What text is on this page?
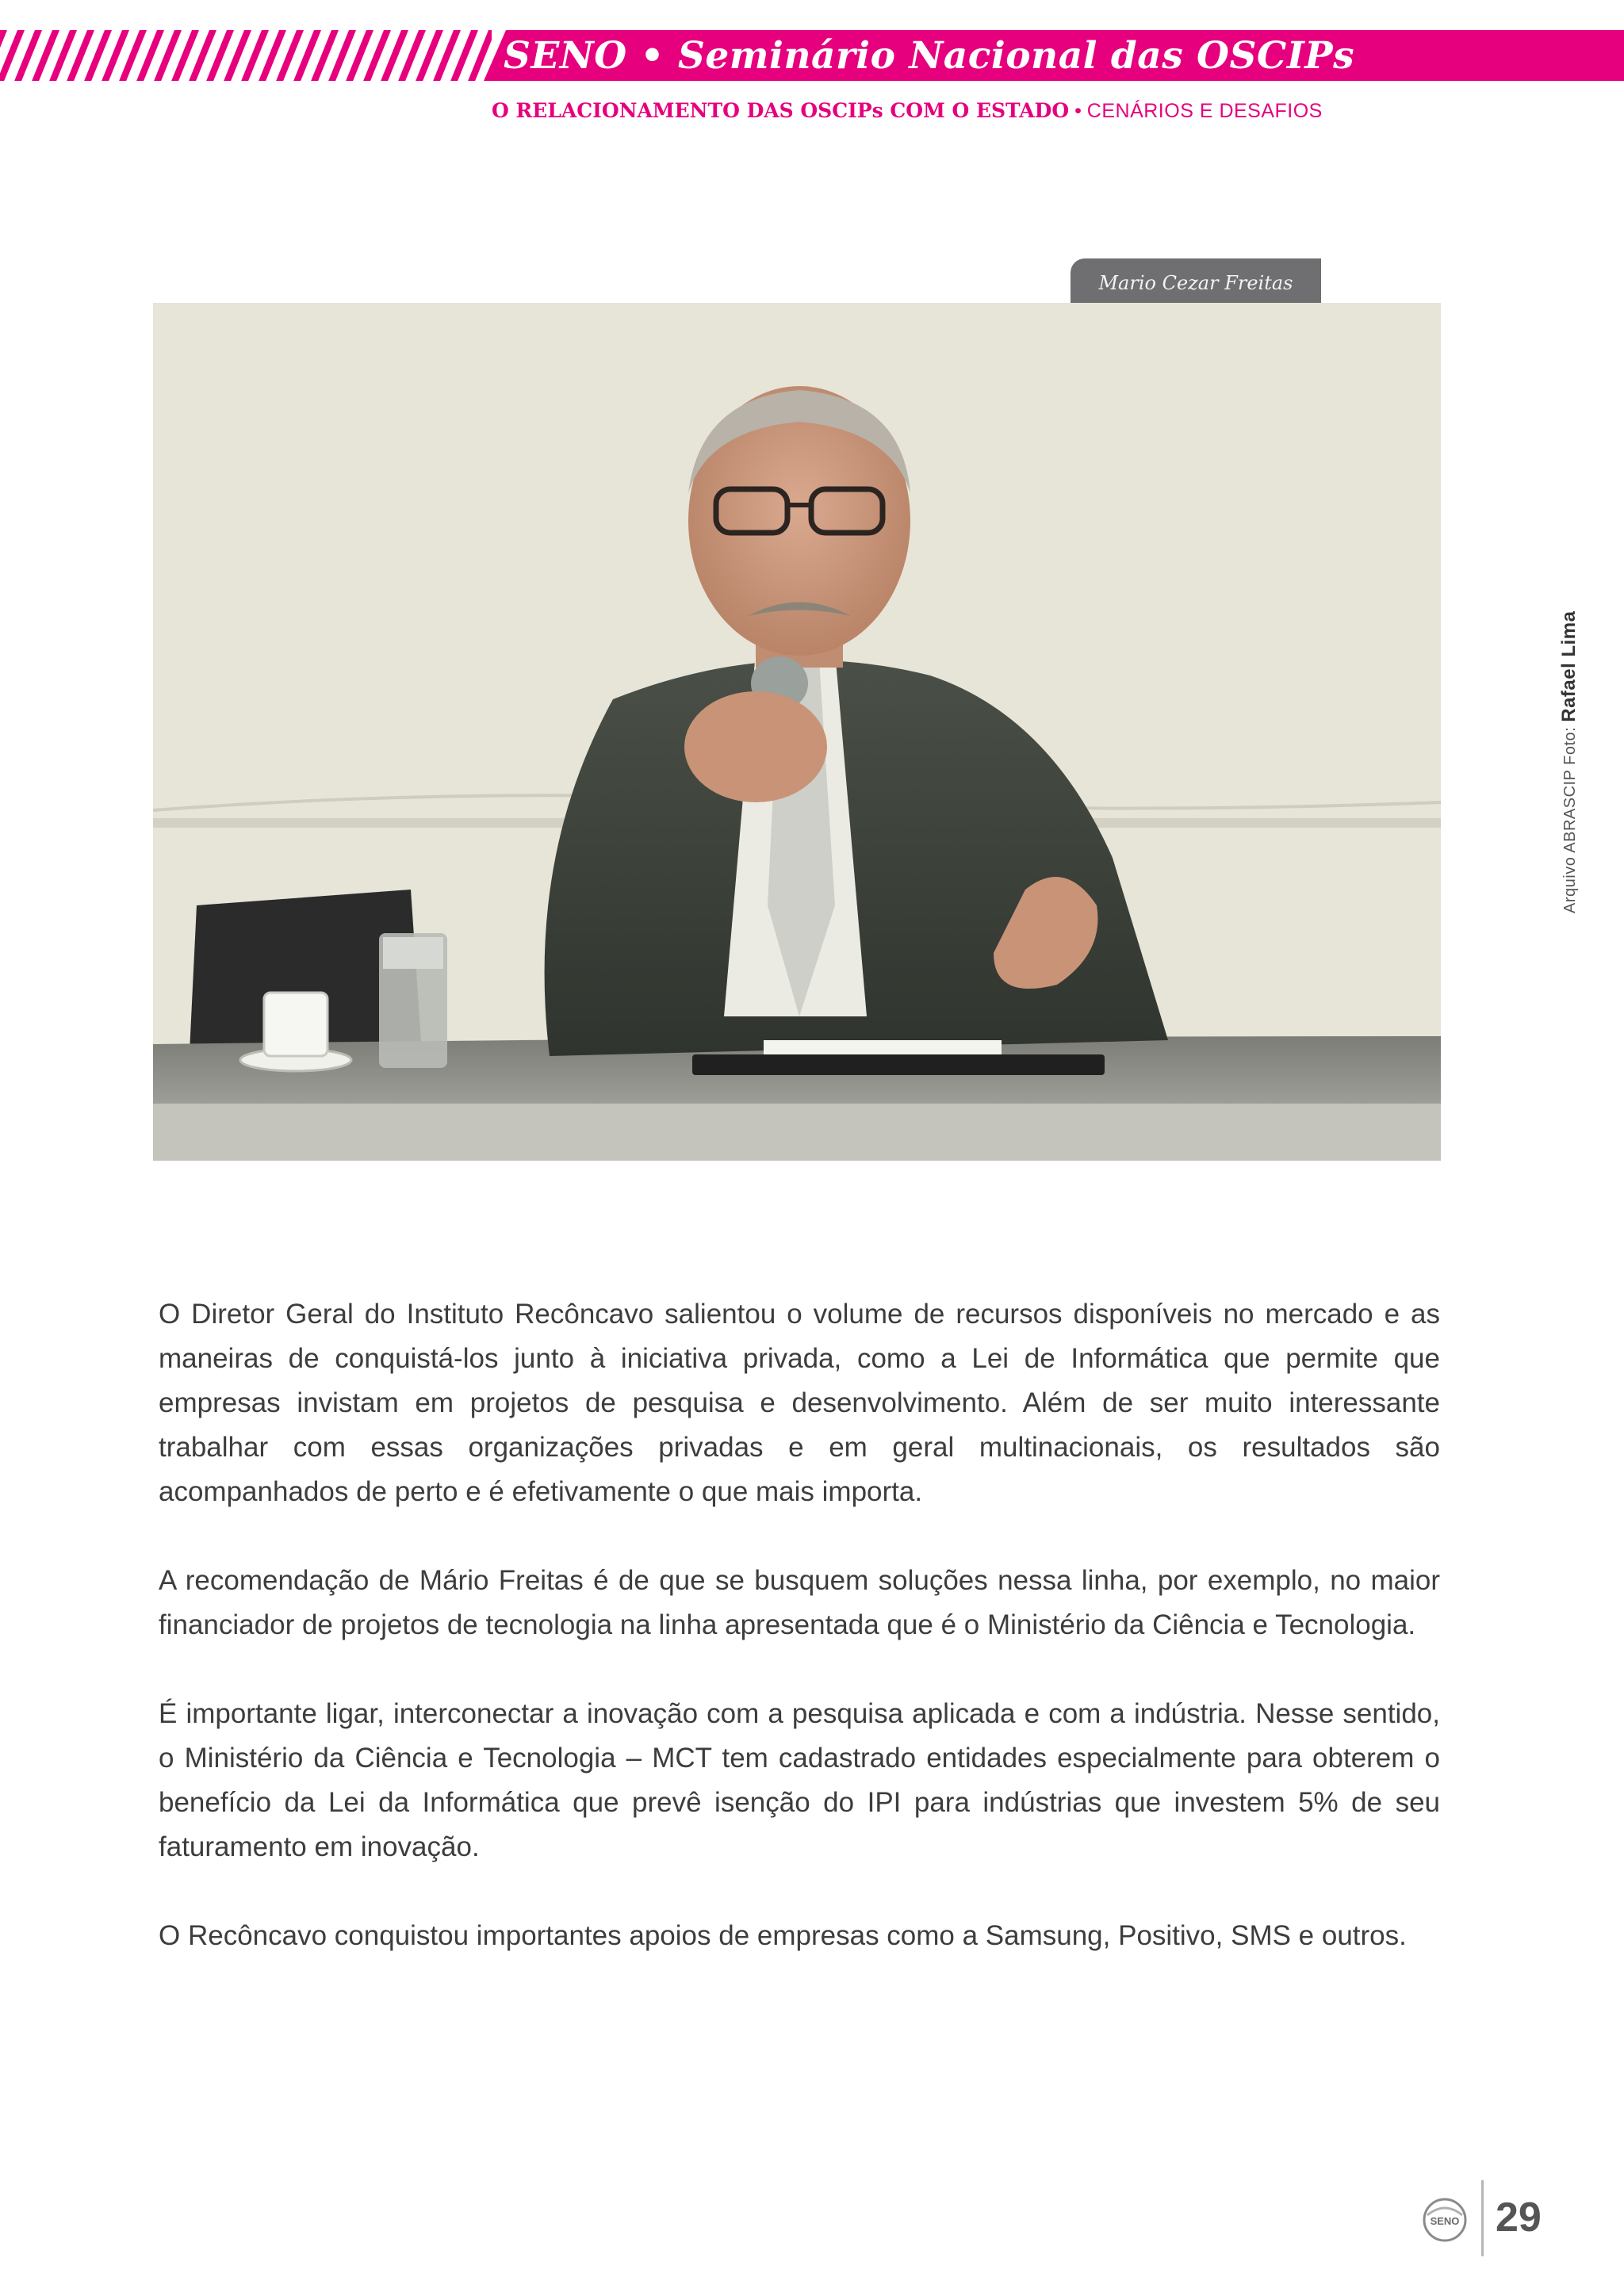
SENO • Seminário Nacional das OSCIPs
O RELACIONAMENTO DAS OSCIPs COM O ESTADO • CENÁRIOS E DESAFIOS
Mario Cezar Freitas
Arquivo ABRASCIP Foto: Rafael Lima

O Diretor Geral do Instituto Recôncavo salientou o volume de recursos disponíveis no mercado e as maneiras de conquistá-los junto à iniciativa privada, como a Lei de Informática que permite que empresas invistam em projetos de pesquisa e desenvolvimento. Além de ser muito interessante trabalhar com essas organizações privadas e em geral multinacionais, os resultados são acompanhados de perto e é efetivamente o que mais importa.

A recomendação de Mário Freitas é de que se busquem soluções nessa linha, por exemplo, no maior financiador de projetos de tecnologia na linha apresentada que é o Ministério da Ciência e Tecnologia.

É importante ligar, interconectar a inovação com a pesquisa aplicada e com a indústria. Nesse sentido, o Ministério da Ciência e Tecnologia – MCT tem cadastrado entidades especialmente para obterem o benefício da Lei da Informática que prevê isenção do IPI para indústrias que investem 5% de seu faturamento em inovação.

O Recôncavo conquistou importantes apoios de empresas como a Samsung, Positivo, SMS e outros.

SENO 29
